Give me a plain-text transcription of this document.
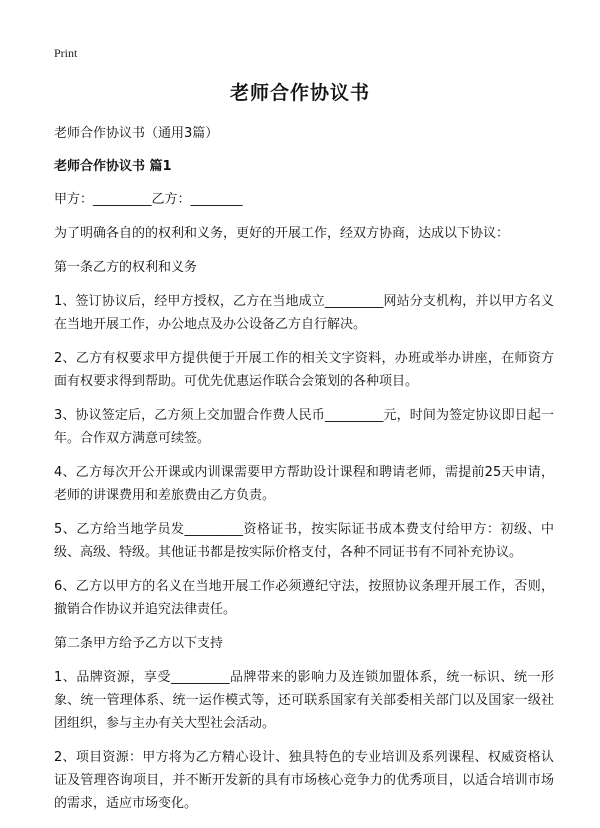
Print
老师合作协议书

老师合作协议书（通用3篇）

老师合作协议书 篇1

甲方：_________乙方：________

为了明确各自的的权利和义务，更好的开展工作，经双方协商，达成以下协议：

第一条乙方的权利和义务

1、签订协议后，经甲方授权，乙方在当地成立_________网站分支机构，并以甲方名义在当地开展工作，办公地点及办公设备乙方自行解决。

2、乙方有权要求甲方提供便于开展工作的相关文字资料，办班或举办讲座，在师资方面有权要求得到帮助。可优先优惠运作联合会策划的各种项目。

3、协议签定后，乙方须上交加盟合作费人民币_________元，时间为签定协议即日起一年。合作双方满意可续签。

4、乙方每次开公开课或内训课需要甲方帮助设计课程和聘请老师，需提前25天申请，老师的讲课费用和差旅费由乙方负责。

5、乙方给当地学员发_________资格证书，按实际证书成本费支付给甲方：初级、中级、高级、特级。其他证书都是按实际价格支付，各种不同证书有不同补充协议。

6、乙方以甲方的名义在当地开展工作必须遵纪守法，按照协议条理开展工作，否则，撤销合作协议并追究法律责任。

第二条甲方给予乙方以下支持

1、品牌资源，享受_________品牌带来的影响力及连锁加盟体系，统一标识、统一形象、统一管理体系、统一运作模式等，还可联系国家有关部委相关部门以及国家一级社团组织，参与主办有关大型社会活动。

2、项目资源：甲方将为乙方精心设计、独具特色的专业培训及系列课程、权威资格认证及管理咨询项目，并不断开发新的具有市场核心竞争力的优秀项目，以适合培训市场的需求，适应市场变化。
